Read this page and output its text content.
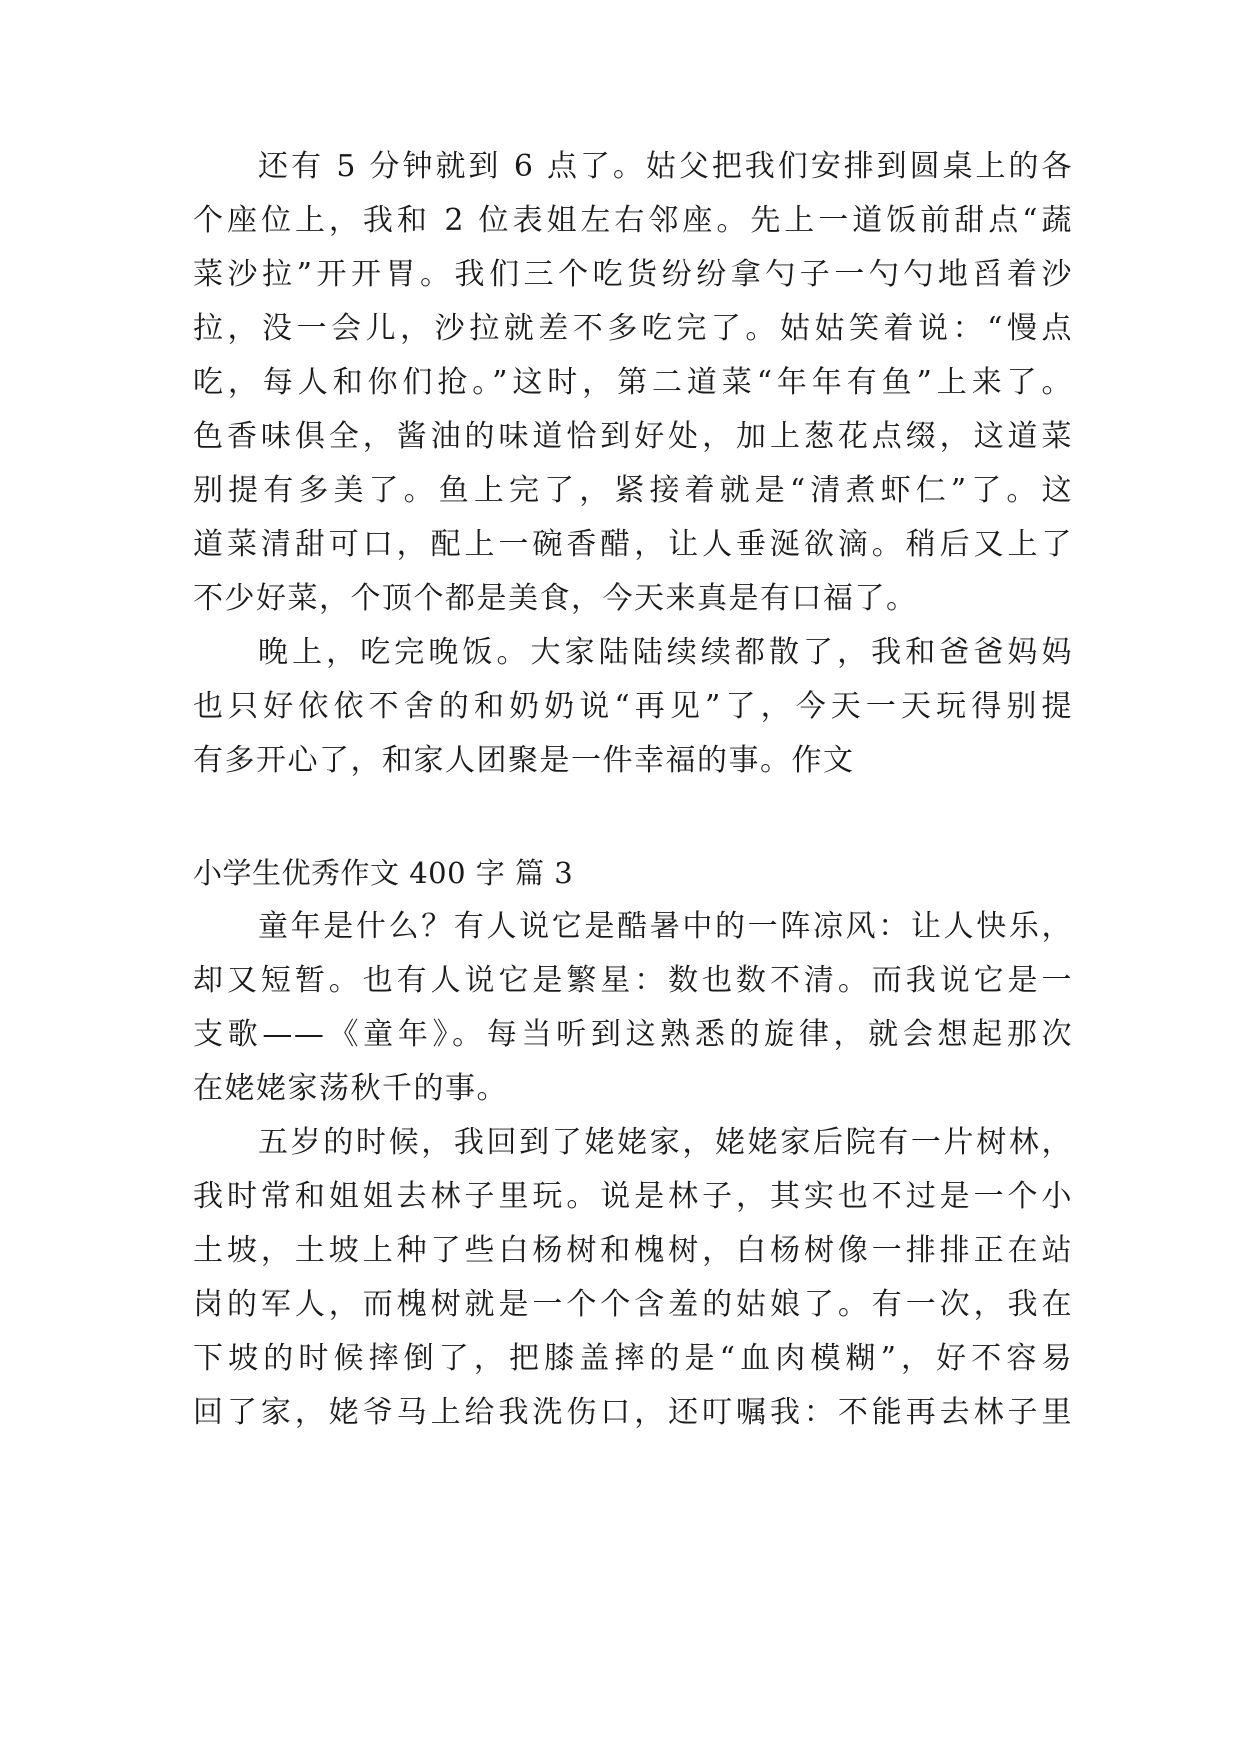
还有 5 分钟就到 6 点了。姑父把我们安排到圆桌上的各
个座位上，我和 2 位表姐左右邻座。先上一道饭前甜点“蔬
菜沙拉”开开胃。我们三个吃货纷纷拿勺子一勺勺地舀着沙
拉，没一会儿，沙拉就差不多吃完了。姑姑笑着说：“慢点
吃，每人和你们抢。”这时，第二道菜“年年有鱼”上来了。
色香味俱全，酱油的味道恰到好处，加上葱花点缀，这道菜
别提有多美了。鱼上完了，紧接着就是“清煮虾仁”了。这
道菜清甜可口，配上一碗香醋，让人垂涎欲滴。稍后又上了
不少好菜，个顶个都是美食，今天来真是有口福了。
晚上，吃完晚饭。大家陆陆续续都散了，我和爸爸妈妈
也只好依依不舍的和奶奶说“再见”了，今天一天玩得别提
有多开心了，和家人团聚是一件幸福的事。作文
小学生优秀作文 400 字 篇 3
童年是什么？有人说它是酷暑中的一阵凉风：让人快乐，
却又短暂。也有人说它是繁星：数也数不清。而我说它是一
支歌——《童年》。每当听到这熟悉的旋律，就会想起那次
在姥姥家荡秋千的事。
五岁的时候，我回到了姥姥家，姥姥家后院有一片树林，
我时常和姐姐去林子里玩。说是林子，其实也不过是一个小
土坡，土坡上种了些白杨树和槐树，白杨树像一排排正在站
岗的军人，而槐树就是一个个含羞的姑娘了。有一次，我在
下坡的时候摔倒了，把膝盖摔的是“血肉模糊”，好不容易
回了家，姥爷马上给我洗伤口，还叮嘱我：不能再去林子里
